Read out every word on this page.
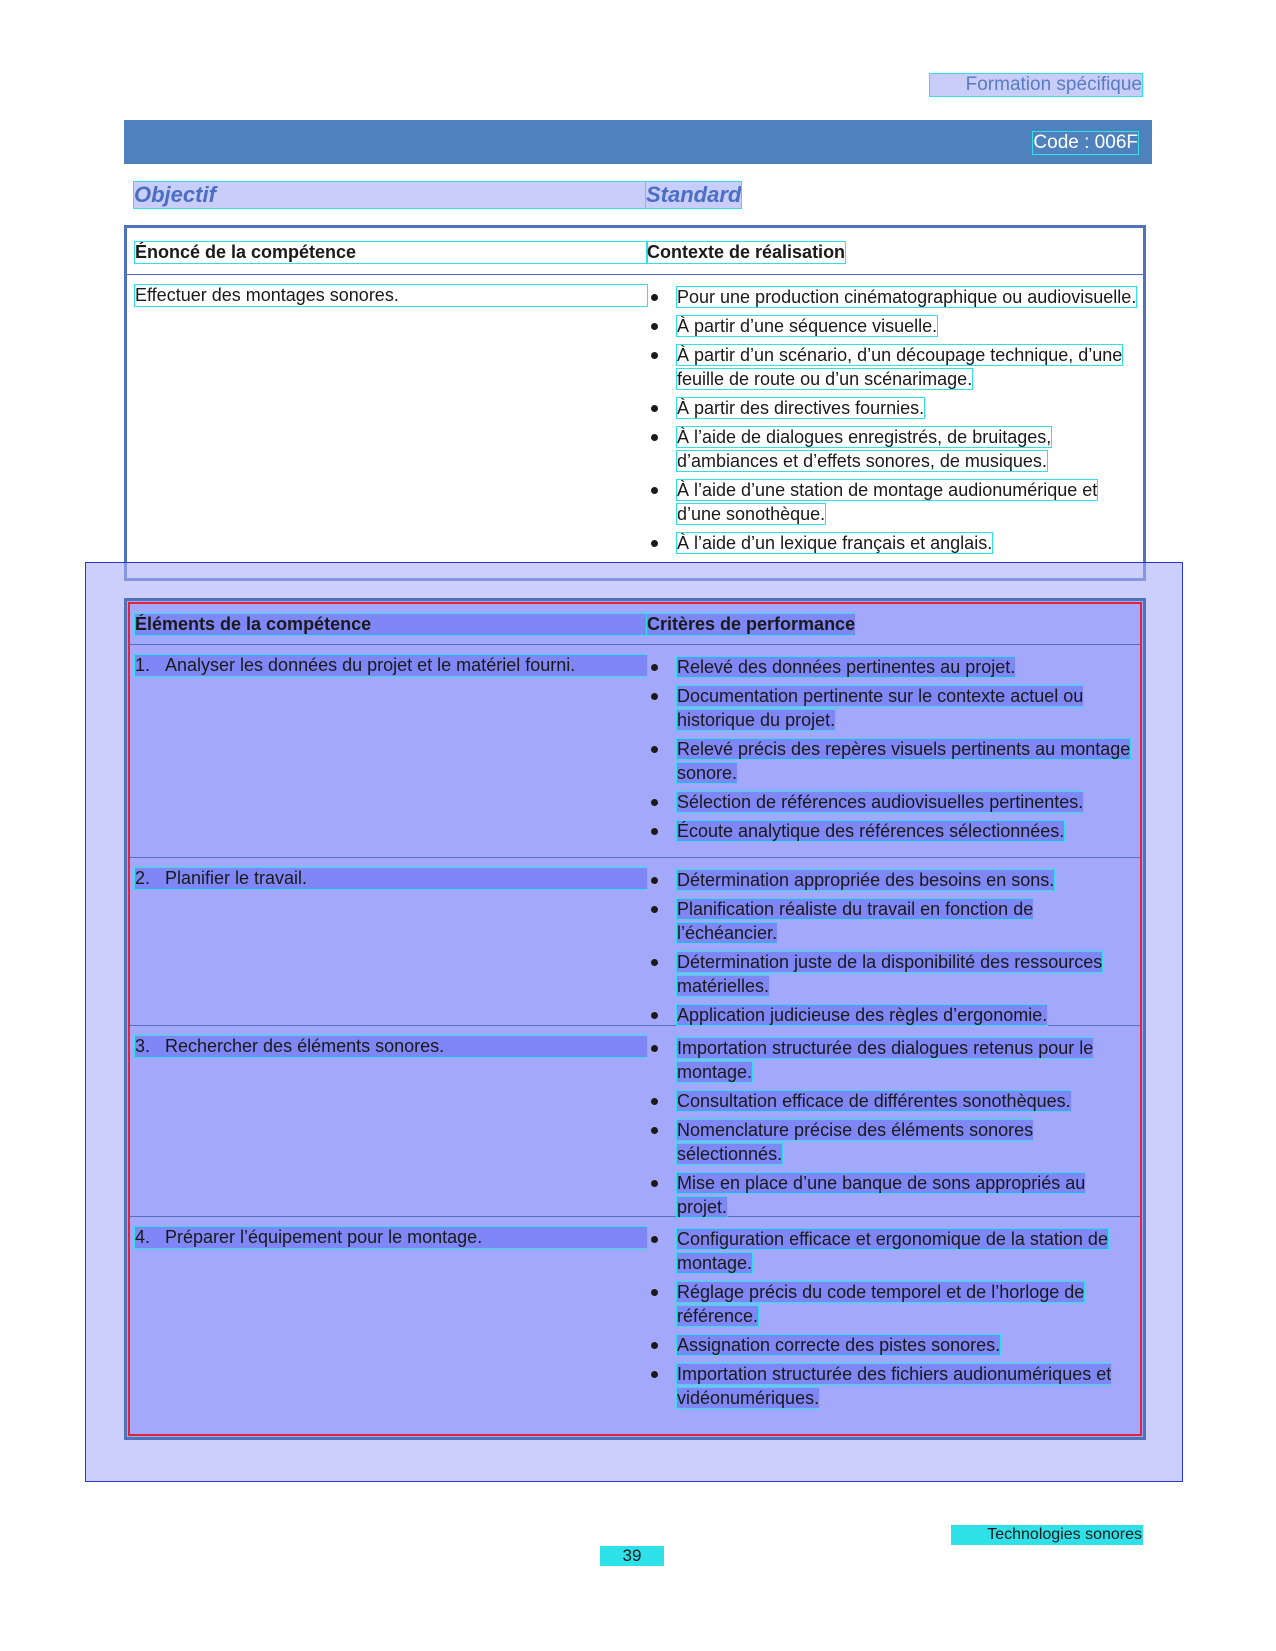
Formation spécifique
Code : 006F
Objectif	Standard
Énoncé de la compétence	Contexte de réalisation
Effectuer des montages sonores.	Pour une production cinématographique ou audiovisuelle.
À partir d’une séquence visuelle.
À partir d’un scénario, d’un découpage technique, d’une feuille de route ou d’un scénarimage.
À partir des directives fournies.
À l’aide de dialogues enregistrés, de bruitages, d’ambiances et d’effets sonores, de musiques.
À l’aide d’une station de montage audionumérique et d’une sonothèque.
À l’aide d’un lexique français et anglais.
Éléments de la compétence	Critères de performance
1. Analyser les données du projet et le matériel fourni.	Relevé des données pertinentes au projet.
Documentation pertinente sur le contexte actuel ou historique du projet.
Relevé précis des repères visuels pertinents au montage sonore.
Sélection de références audiovisuelles pertinentes.
Écoute analytique des références sélectionnées.
2. Planifier le travail.	Détermination appropriée des besoins en sons.
Planification réaliste du travail en fonction de l’échéancier.
Détermination juste de la disponibilité des ressources matérielles.
Application judicieuse des règles d’ergonomie.
3. Rechercher des éléments sonores.	Importation structurée des dialogues retenus pour le montage.
Consultation efficace de différentes sonothèques.
Nomenclature précise des éléments sonores sélectionnés.
Mise en place d’une banque de sons appropriés au projet.
4. Préparer l’équipement pour le montage.	Configuration efficace et ergonomique de la station de montage.
Réglage précis du code temporel et de l’horloge de référence.
Assignation correcte des pistes sonores.
Importation structurée des fichiers audionumériques et vidéonumériques.
Technologies sonores
39
